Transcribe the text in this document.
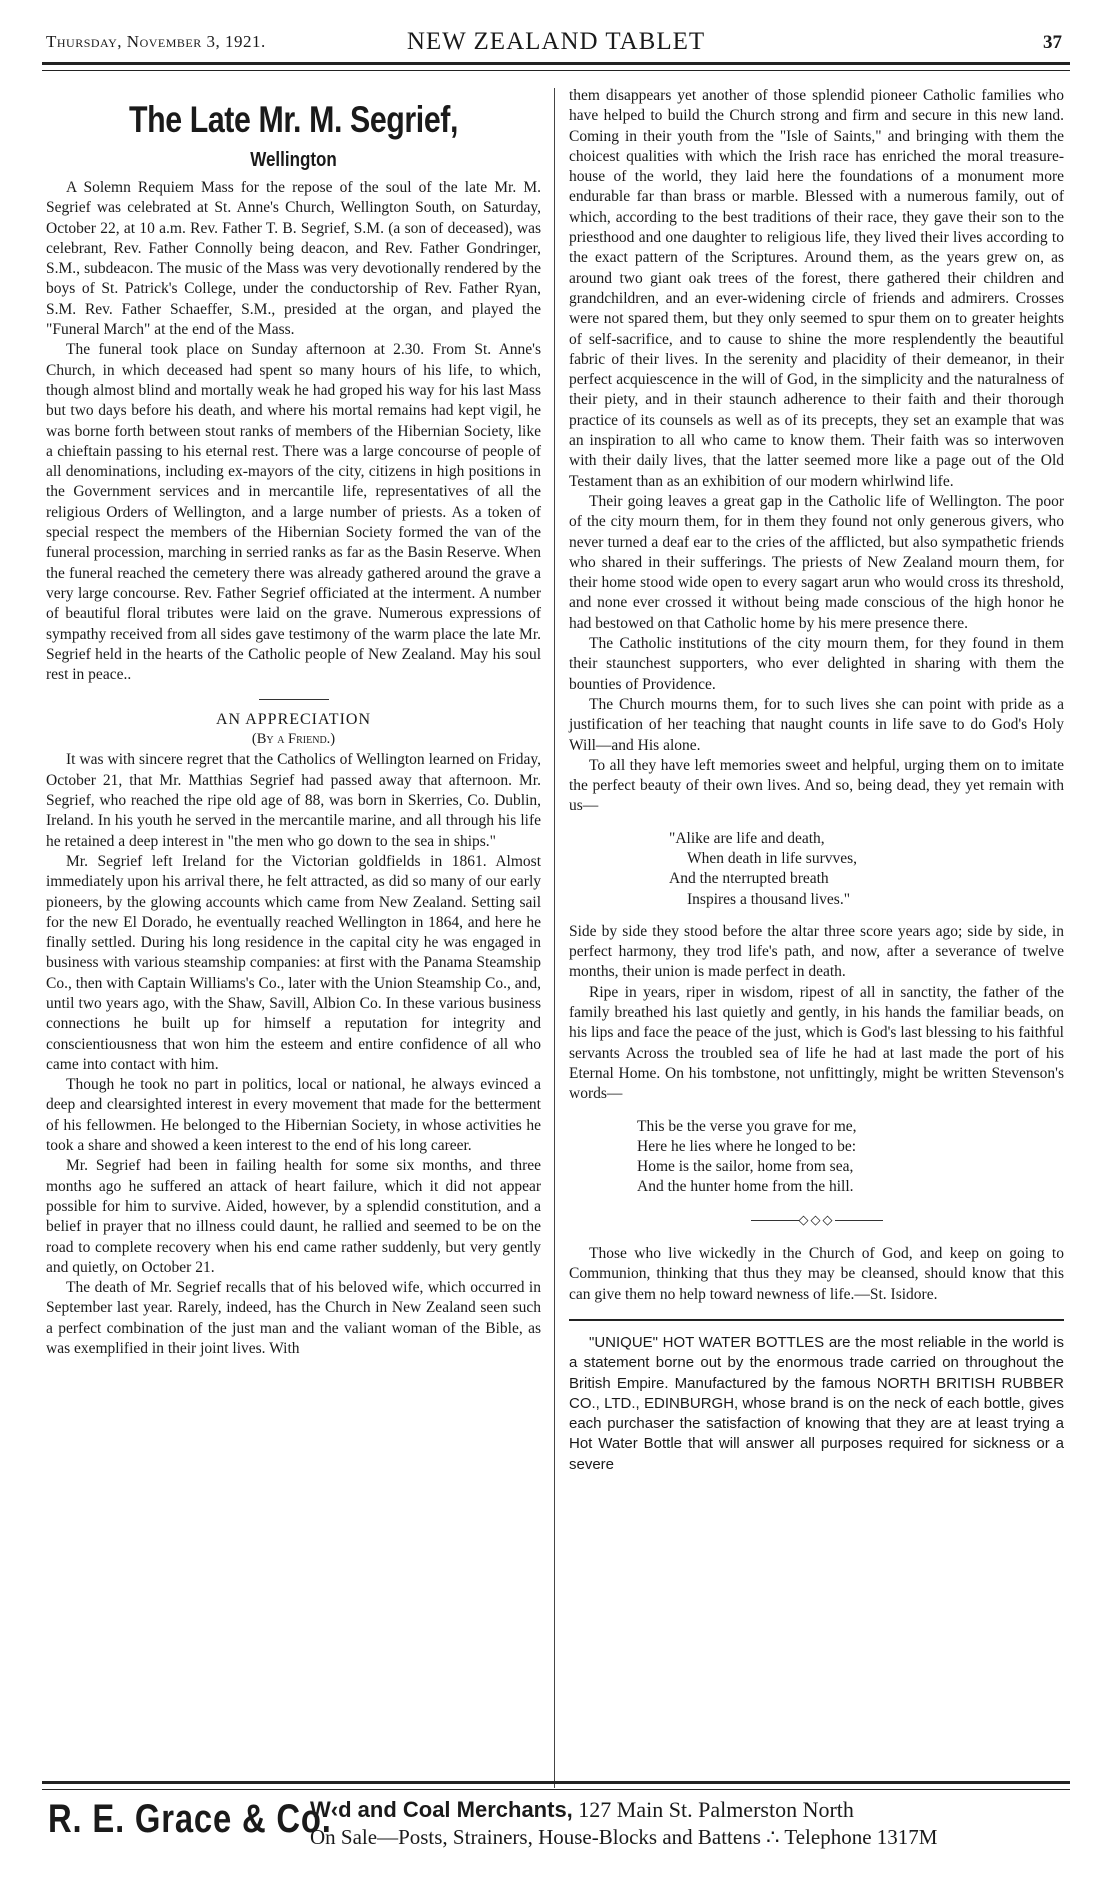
Thursday, November 3, 1921.	NEW ZEALAND TABLET	37
The Late Mr. M. Segrief,
Wellington

A Solemn Requiem Mass for the repose of the soul of the late Mr. M. Segrief was celebrated at St. Anne's Church, Wellington South, on Saturday, October 22, at 10 a.m. Rev. Father T. B. Segrief, S.M. (a son of deceased), was celebrant, Rev. Father Connolly being deacon, and Rev. Father Gondringer, S.M., subdeacon. The music of the Mass was very devotionally rendered by the boys of St. Patrick's College, under the conductorship of Rev. Father Ryan, S.M. Rev. Father Schaeffer, S.M., presided at the organ, and played the "Funeral March" at the end of the Mass.

The funeral took place on Sunday afternoon at 2.30. From St. Anne's Church, in which deceased had spent so many hours of his life, to which, though almost blind and mortally weak he had groped his way for his last Mass but two days before his death, and where his mortal remains had kept vigil, he was borne forth between stout ranks of members of the Hibernian Society, like a chieftain passing to his eternal rest. There was a large concourse of people of all denominations, including ex-mayors of the city, citizens in high positions in the Government services and in mercantile life, representatives of all the religious Orders of Wellington, and a large number of priests. As a token of special respect the members of the Hibernian Society formed the van of the funeral procession, marching in serried ranks as far as the Basin Reserve. When the funeral reached the cemetery there was already gathered around the grave a very large concourse. Rev. Father Segrief officiated at the interment. A number of beautiful floral tributes were laid on the grave. Numerous expressions of sympathy received from all sides gave testimony of the warm place the late Mr. Segrief held in the hearts of the Catholic people of New Zealand. May his soul rest in peace..

AN APPRECIATION
(By a Friend.)

It was with sincere regret that the Catholics of Wellington learned on Friday, October 21, that Mr. Matthias Segrief had passed away that afternoon. Mr. Segrief, who reached the ripe old age of 88, was born in Skerries, Co. Dublin, Ireland. In his youth he served in the mercantile marine, and all through his life he retained a deep interest in "the men who go down to the sea in ships."

Mr. Segrief left Ireland for the Victorian goldfields in 1861. Almost immediately upon his arrival there, he felt attracted, as did so many of our early pioneers, by the glowing accounts which came from New Zealand. Setting sail for the new El Dorado, he eventually reached Wellington in 1864, and here he finally settled. During his long residence in the capital city he was engaged in business with various steamship companies: at first with the Panama Steamship Co., then with Captain Williams's Co., later with the Union Steamship Co., and, until two years ago, with the Shaw, Savill, Albion Co. In these various business connections he built up for himself a reputation for integrity and conscientiousness that won him the esteem and entire confidence of all who came into contact with him.

Though he took no part in politics, local or national, he always evinced a deep and clearsighted interest in every movement that made for the betterment of his fellowmen. He belonged to the Hibernian Society, in whose activities he took a share and showed a keen interest to the end of his long career.

Mr. Segrief had been in failing health for some six months, and three months ago he suffered an attack of heart failure, which it did not appear possible for him to survive. Aided, however, by a splendid constitution, and a belief in prayer that no illness could daunt, he rallied and seemed to be on the road to complete recovery when his end came rather suddenly, but very gently and quietly, on October 21.

The death of Mr. Segrief recalls that of his beloved wife, which occurred in September last year. Rarely, indeed, has the Church in New Zealand seen such a perfect combination of the just man and the valiant woman of the Bible, as was exemplified in their joint lives. With

them disappears yet another of those splendid pioneer Catholic families who have helped to build the Church strong and firm and secure in this new land. Coming in their youth from the "Isle of Saints," and bringing with them the choicest qualities with which the Irish race has enriched the moral treasure-house of the world, they laid here the foundations of a monument more endurable far than brass or marble. Blessed with a numerous family, out of which, according to the best traditions of their race, they gave their son to the priesthood and one daughter to religious life, they lived their lives according to the exact pattern of the Scriptures. Around them, as the years grew on, as around two giant oak trees of the forest, there gathered their children and grandchildren, and an ever-widening circle of friends and admirers. Crosses were not spared them, but they only seemed to spur them on to greater heights of self-sacrifice, and to cause to shine the more resplendently the beautiful fabric of their lives. In the serenity and placidity of their demeanor, in their perfect acquiescence in the will of God, in the simplicity and the naturalness of their piety, and in their staunch adherence to their faith and their thorough practice of its counsels as well as of its precepts, they set an example that was an inspiration to all who came to know them. Their faith was so interwoven with their daily lives, that the latter seemed more like a page out of the Old Testament than as an exhibition of our modern whirlwind life.

Their going leaves a great gap in the Catholic life of Wellington. The poor of the city mourn them, for in them they found not only generous givers, who never turned a deaf ear to the cries of the afflicted, but also sympathetic friends who shared in their sufferings. The priests of New Zealand mourn them, for their home stood wide open to every sagart arun who would cross its threshold, and none ever crossed it without being made conscious of the high honor he had bestowed on that Catholic home by his mere presence there.

The Catholic institutions of the city mourn them, for they found in them their staunchest supporters, who ever delighted in sharing with them the bounties of Providence.

The Church mourns them, for to such lives she can point with pride as a justification of her teaching that naught counts in life save to do God's Holy Will—and His alone.

To all they have left memories sweet and helpful, urging them on to imitate the perfect beauty of their own lives. And so, being dead, they yet remain with us—

"Alike are life and death,
When death in life survves,
And the nterrupted breath
Inspires a thousand lives."

Side by side they stood before the altar three score years ago; side by side, in perfect harmony, they trod life's path, and now, after a severance of twelve months, their union is made perfect in death.

Ripe in years, riper in wisdom, ripest of all in sanctity, the father of the family breathed his last quietly and gently, in his hands the familiar beads, on his lips and face the peace of the just, which is God's last blessing to his faithful servants Across the troubled sea of life he had at last made the port of his Eternal Home. On his tombstone, not unfittingly, might be written Stevenson's words—

This be the verse you grave for me,
Here he lies where he longed to be:
Home is the sailor, home from sea,
And the hunter home from the hill.
◇◇◇

Those who live wickedly in the Church of God, and keep on going to Communion, thinking that thus they may be cleansed, should know that this can give them no help toward newness of life.—St. Isidore.

"UNIQUE" HOT WATER BOTTLES are the most reliable in the world is a statement borne out by the enormous trade carried on throughout the British Empire. Manufactured by the famous NORTH BRITISH RUBBER CO., LTD., EDINBURGH, whose brand is on the neck of each bottle, gives each purchaser the satisfaction of knowing that they are at least trying a Hot Water Bottle that will answer all purposes required for sickness or a severe

R. E. Grace & Co.
W‹d and Coal Merchants, 127 Main St. Palmerston North
On Sale—Posts, Strainers, House-Blocks and Battens ∴ Telephone 1317M
